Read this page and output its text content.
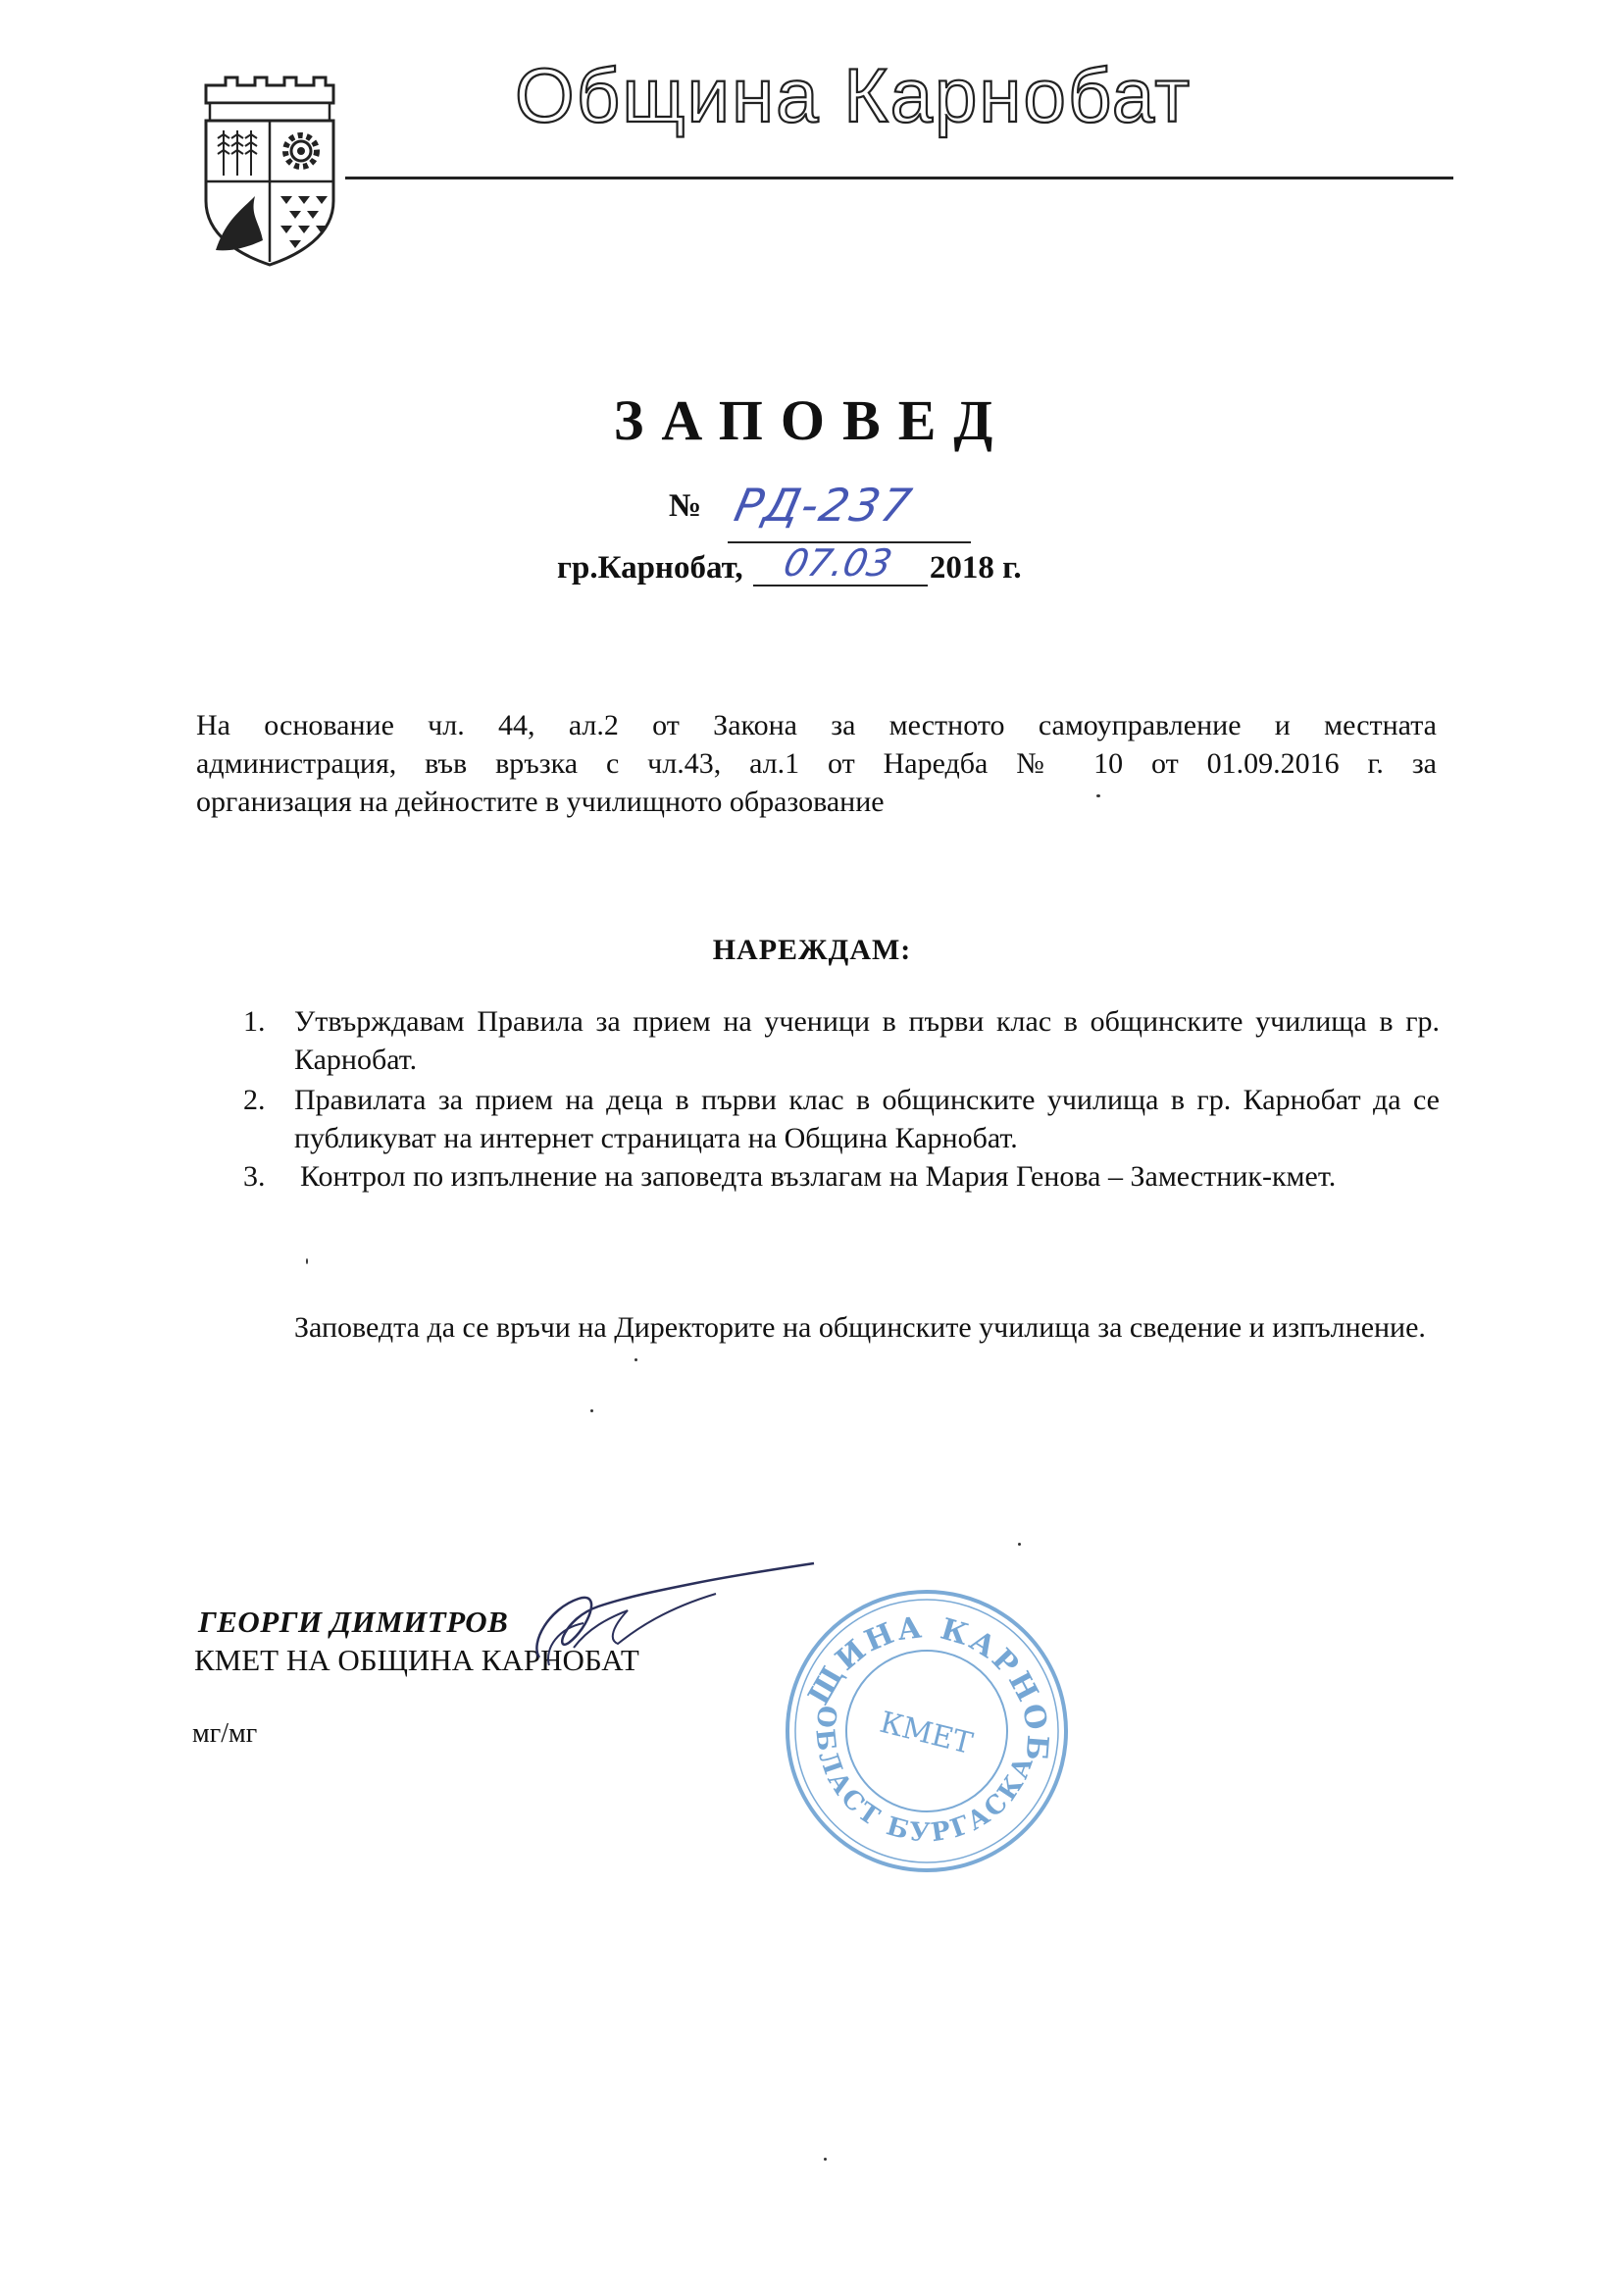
Община Карнобат
ЗАПОВЕД
№ РД-237
гр.Карнобат, 07.03 2018 г.
На основание чл. 44, ал.2 от Закона за местното самоуправление и местната
администрация, във връзка с чл.43, ал.1 от Наредба № 10 от 01.09.2016 г. за
организация на дейностите в училищното образование
НАРЕЖДАМ:
1. Утвърждавам Правила за прием на ученици в първи клас в общинските училища в гр. Карнобат.
2. Правилата за прием на деца в първи клас в общинските училища в гр. Карнобат да се публикуват на интернет страницата на Община Карнобат.
3. Контрол по изпълнение на заповедта възлагам на Мария Генова – Заместник-кмет.
Заповедта да се връчи на Директорите на общинските училища за сведение и изпълнение.
ГЕОРГИ ДИМИТРОВ
КМЕТ НА ОБЩИНА КАРНОБАТ
мг/мг
ОБЩИНА КАРНОБАТ
ОБЛАСТ БУРГАСКА
КМЕТ
